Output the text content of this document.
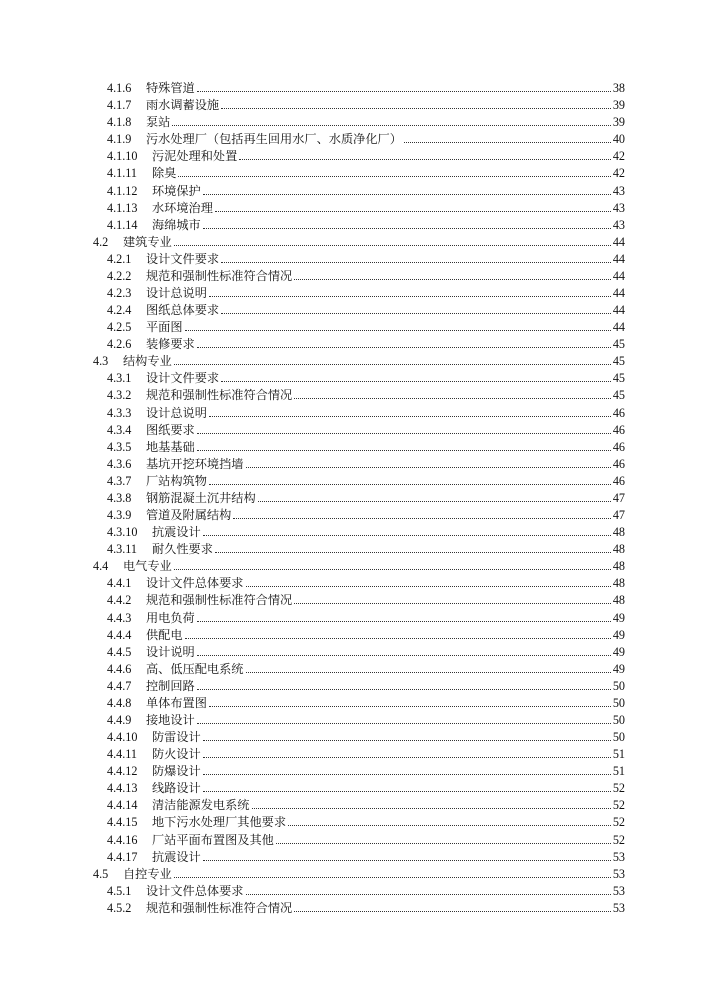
4.1.6	特殊管道	38
4.1.7	雨水调蓄设施	39
4.1.8	泵站	39
4.1.9	污水处理厂（包括再生回用水厂、水质净化厂）	40
4.1.10	污泥处理和处置	42
4.1.11	除臭	42
4.1.12	环境保护	43
4.1.13	水环境治理	43
4.1.14	海绵城市	43
4.2	建筑专业	44
4.2.1	设计文件要求	44
4.2.2	规范和强制性标准符合情况	44
4.2.3	设计总说明	44
4.2.4	图纸总体要求	44
4.2.5	平面图	44
4.2.6	装修要求	45
4.3	结构专业	45
4.3.1	设计文件要求	45
4.3.2	规范和强制性标准符合情况	45
4.3.3	设计总说明	46
4.3.4	图纸要求	46
4.3.5	地基基础	46
4.3.6	基坑开挖环境挡墙	46
4.3.7	厂站构筑物	46
4.3.8	钢筋混凝土沉井结构	47
4.3.9	管道及附属结构	47
4.3.10	抗震设计	48
4.3.11	耐久性要求	48
4.4	电气专业	48
4.4.1	设计文件总体要求	48
4.4.2	规范和强制性标准符合情况	48
4.4.3	用电负荷	49
4.4.4	供配电	49
4.4.5	设计说明	49
4.4.6	高、低压配电系统	49
4.4.7	控制回路	50
4.4.8	单体布置图	50
4.4.9	接地设计	50
4.4.10	防雷设计	50
4.4.11	防火设计	51
4.4.12	防爆设计	51
4.4.13	线路设计	52
4.4.14	清洁能源发电系统	52
4.4.15	地下污水处理厂其他要求	52
4.4.16	厂站平面布置图及其他	52
4.4.17	抗震设计	53
4.5	自控专业	53
4.5.1	设计文件总体要求	53
4.5.2	规范和强制性标准符合情况	53
